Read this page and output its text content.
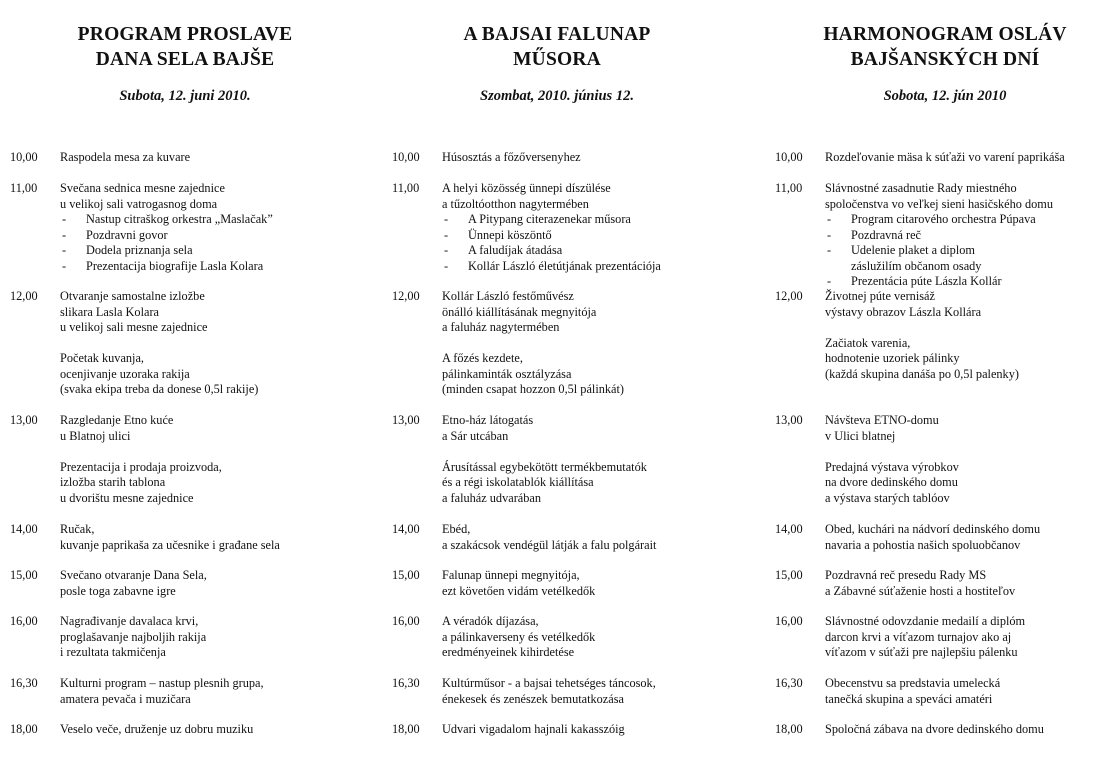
PROGRAM PROSLAVE
DANA SELA BAJŠE
Subota, 12. juni 2010.
10,00	Raspodela mesa za kuvare
11,00	Svečana sednica mesne zajednice
u velikoj sali vatrogasnog doma
-	Nastup citraškog orkestra „Maslačak”
-	Pozdravni govor
-	Dodela priznanja sela
-	Prezentacija biografije Lasla Kolara
12,00	Otvaranje samostalne izložbe
slikara Lasla Kolara
u velikoj sali mesne zajednice
Početak kuvanja,
ocenjivanje uzoraka rakija
(svaka ekipa treba da donese 0,5l rakije)
13,00	Razgledanje Etno kuće
u Blatnoj ulici
Prezentacija i prodaja proizvoda,
izložba starih tablona
u dvorištu mesne zajednice
14,00	Ručak,
kuvanje paprikaša za učesnike i građane sela
15,00	Svečano otvaranje Dana Sela,
posle toga zabavne igre
16,00	Nagrađivanje davalaca krvi,
proglašavanje najboljih rakija
i rezultata takmičenja
16,30	Kulturni program – nastup plesnih grupa,
amatera pevača i muzičara
18,00	Veselo veče, druženje uz dobru muziku
A BAJSAI FALUNAP
MŰSORA
Szombat, 2010. június 12.
10,00	Húsosztás a főzőversenyhez
11,00	A helyi közösség ünnepi díszülése
a tűzoltóotthon nagytermében
-	A Pitypang citerazenekar műsora
-	Ünnepi köszöntő
-	A faludíjak átadása
-	Kollár László életútjának prezentációja
12,00	Kollár László festőművész
önálló kiállításának megnyitója
a faluház nagytermében
A főzés kezdete,
pálinkaminták osztályzása
(minden csapat hozzon 0,5l pálinkát)
13,00	Etno-ház látogatás
a Sár utcában
Árusítással egybekötött termékbemutatók
és a régi iskolatablók kiállítása
a faluház udvarában
14,00	Ebéd,
a szakácsok vendégül látják a falu polgárait
15,00	Falunap ünnepi megnyitója,
ezt követően vidám vetélkedők
16,00	A véradók díjazása,
a pálinkaverseny és vetélkedők
eredményeinek kihirdetése
16,30	Kultúrműsor - a bajsai tehetséges táncosok,
énekesek és zenészek bemutatkozása
18,00	Udvari vigadalom hajnali kakasszóig
HARMONOGRAM OSLÁV
BAJŠANSKÝCH DNÍ
Sobota, 12. jún 2010
10,00	Rozdeľovanie mäsa k súťaži vo varení paprikáša
11,00	Slávnostné zasadnutie Rady miestného
spoločenstva vo veľkej sieni hasičského domu
-	Program citarového orchestra Púpava
-	Pozdravná reč
-	Udelenie plaket a diplom
záslužilím občanom osady
-	Prezentácia púte Lászla Kollár
12,00	Životnej púte vernisáž
výstavy obrazov Lászla Kollára
Začiatok varenia,
hodnotenie uzoriek pálinky
(každá skupina danáša po 0,5l palenky)
13,00	Návšteva ETNO-domu
v Ulici blatnej
Predajná výstava výrobkov
na dvore dedinského domu
a výstava starých tablóov
14,00	Obed, kuchári na nádvorí dedinského domu
navaria a pohostia našich spoluobčanov
15,00	Pozdravná reč presedu Rady MS
a Zábavné súťaženie hosti a hostiteľov
16,00	Slávnostné odovzdanie medailí a diplóm
darcon krvi a víťazom turnajov ako aj
víťazom v súťaži pre najlepšiu pálenku
16,30	Obecenstvu sa predstavia umelecká
tanečká skupina a speváci amatéri
18,00	Spoločná zábava na dvore dedinského domu
